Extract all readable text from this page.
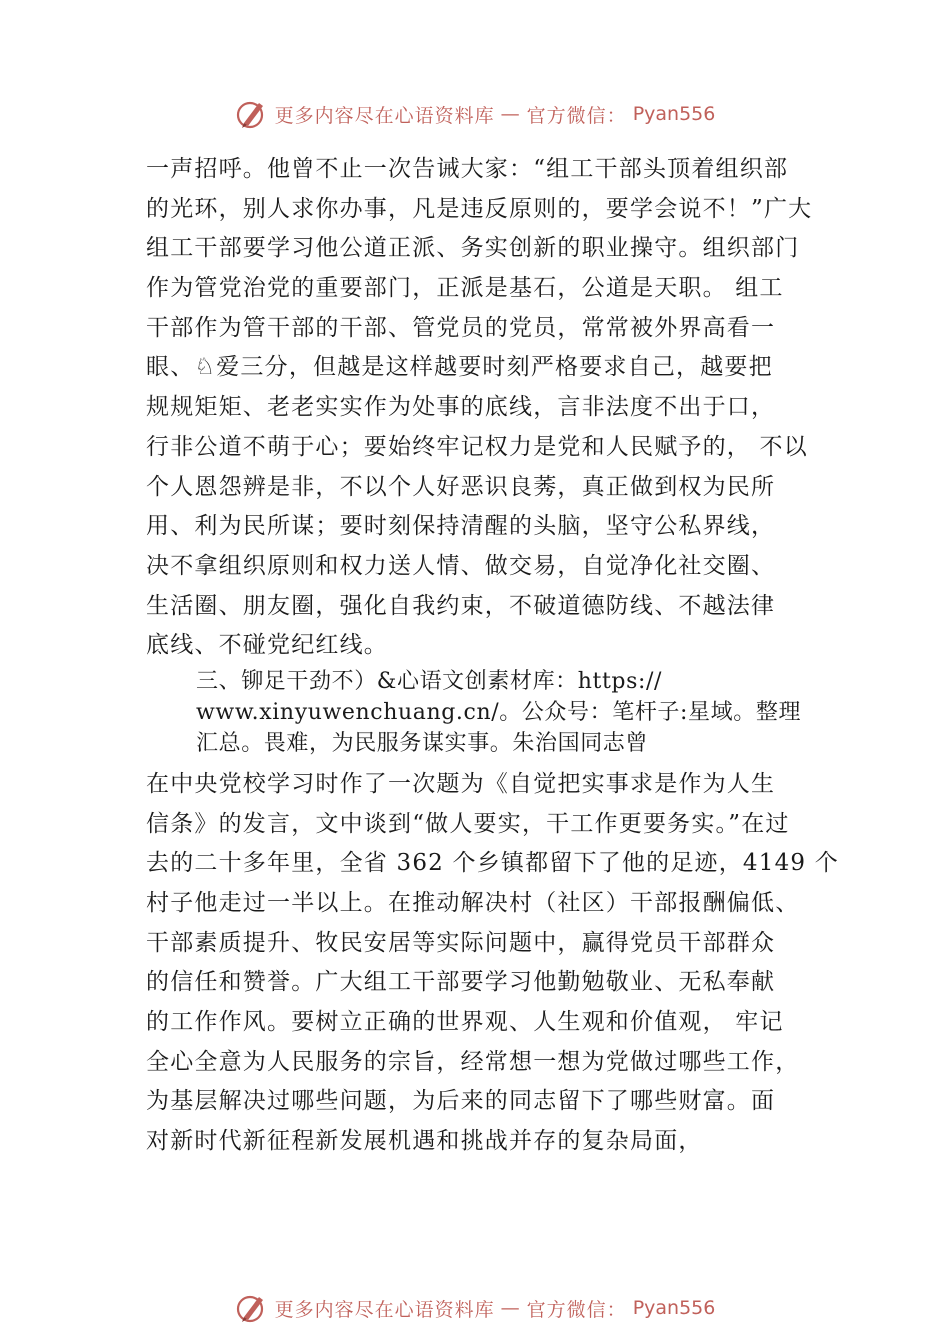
更多内容尽在心语资料库 — 官方微信： Pyan556
一声招呼。他曾不止一次告诫大家：“组工干部头顶着组织部
的光环，别人求你办事，凡是违反原则的，要学会说不！”广大
组工干部要学习他公道正派、务实创新的职业操守。组织部门
作为管党治党的重要部门，正派是基石，公道是天职。 组工
干部作为管干部的干部、管党员的党员，常常被外界高看一
眼、♘爱三分，但越是这样越要时刻严格要求自己，越要把
规规矩矩、老老实实作为处事的底线，言非法度不出于口，
行非公道不萌于心；要始终牢记权力是党和人民赋予的， 不以
个人恩怨辨是非，不以个人好恶识良莠，真正做到权为民所
用、利为民所谋；要时刻保持清醒的头脑，坚守公私界线，
决不拿组织原则和权力送人情、做交易，自觉净化社交圈、
生活圈、朋友圈，强化自我约束，不破道德防线、不越法律
底线、不碰党纪红线。
三、铆足干劲不）&心语文创素材库：https://
www.xinyuwenchuang.cn/。公众号：笔杆子:星域。整理
汇总。畏难，为民服务谋实事。朱治国同志曾
在中央党校学习时作了一次题为《自觉把实事求是作为人生
信条》的发言，文中谈到“做人要实，干工作更要务实。”在过
去的二十多年里，全省 362 个乡镇都留下了他的足迹，4149 个
村子他走过一半以上。在推动解决村（社区）干部报酬偏低、
干部素质提升、牧民安居等实际问题中，赢得党员干部群众
的信任和赞誉。广大组工干部要学习他勤勉敬业、无私奉献
的工作作风。要树立正确的世界观、人生观和价值观， 牢记
全心全意为人民服务的宗旨，经常想一想为党做过哪些工作，
为基层解决过哪些问题，为后来的同志留下了哪些财富。面
对新时代新征程新发展机遇和挑战并存的复杂局面，
更多内容尽在心语资料库 — 官方微信： Pyan556
